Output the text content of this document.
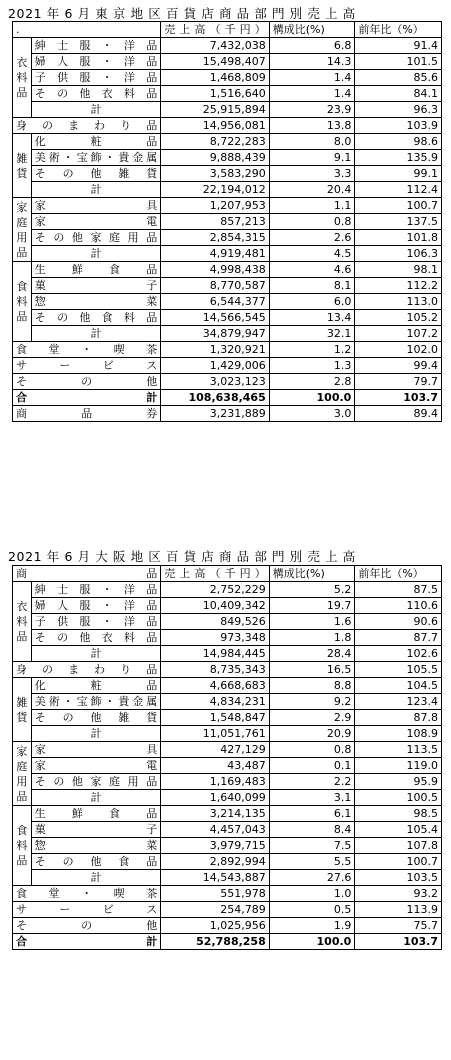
2021 年 6 月 東 京 地 区 百 貨 店 商 品 部 門 別 売 上 高
.		売上高（千円）	構成比(%)	前年比（%）

衣
料
品	紳士服・洋品	7,432,038	6.8	91.4
	婦人服・洋品	15,498,407	14.3	101.5
	子供服・洋品	1,468,809	1.4	85.6
	その他衣料品	1,516,640	1.4	84.1
	計	25,915,894	23.9	96.3
身のまわり品		14,956,081	13.8	103.9

雑
貨	化粧品	8,722,283	8.0	98.6
	美術・宝飾・貴金属	9,888,439	9.1	135.9
	その他雑貨	3,583,290	3.3	99.1
	計	22,194,012	20.4	112.4

家
庭
用
品	家具	1,207,953	1.1	100.7
	家電	857,213	0.8	137.5
	その他家庭用品	2,854,315	2.6	101.8
	計	4,919,481	4.5	106.3

食
料
品	生鮮食品	4,998,438	4.6	98.1
	菓子	8,770,587	8.1	112.2
	惣菜	6,544,377	6.0	113.0
	その他食料品	14,566,545	13.4	105.2
	計	34,879,947	32.1	107.2
食堂・喫茶		1,320,921	1.2	102.0
サービス		1,429,006	1.3	99.4
その他		3,023,123	2.8	79.7
合計		108,638,465	100.0	103.7
商品券		3,231,889	3.0	89.4
2021 年 6 月 大 阪 地 区 百 貨 店 商 品 部 門 別 売 上 高
商品		売上高（千円）	構成比(%)	前年比（%）

衣
料
品	紳士服・洋品	2,752,229	5.2	87.5
	婦人服・洋品	10,409,342	19.7	110.6
	子供服・洋品	849,526	1.6	90.6
	その他衣料品	973,348	1.8	87.7
	計	14,984,445	28.4	102.6
身のまわり品		8,735,343	16.5	105.5

雑
貨	化粧品	4,668,683	8.8	104.5
	美術・宝飾・貴金属	4,834,231	9.2	123.4
	その他雑貨	1,548,847	2.9	87.8
	計	11,051,761	20.9	108.9

家
庭
用
品	家具	427,129	0.8	113.5
	家電	43,487	0.1	119.0
	その他家庭用品	1,169,483	2.2	95.9
	計	1,640,099	3.1	100.5

食
料
品	生鮮食品	3,214,135	6.1	98.5
	菓子	4,457,043	8.4	105.4
	惣菜	3,979,715	7.5	107.8
	その他食品	2,892,994	5.5	100.7
	計	14,543,887	27.6	103.5
食堂・喫茶		551,978	1.0	93.2
サービス		254,789	0.5	113.9
その他		1,025,956	1.9	75.7
合計		52,788,258	100.0	103.7
